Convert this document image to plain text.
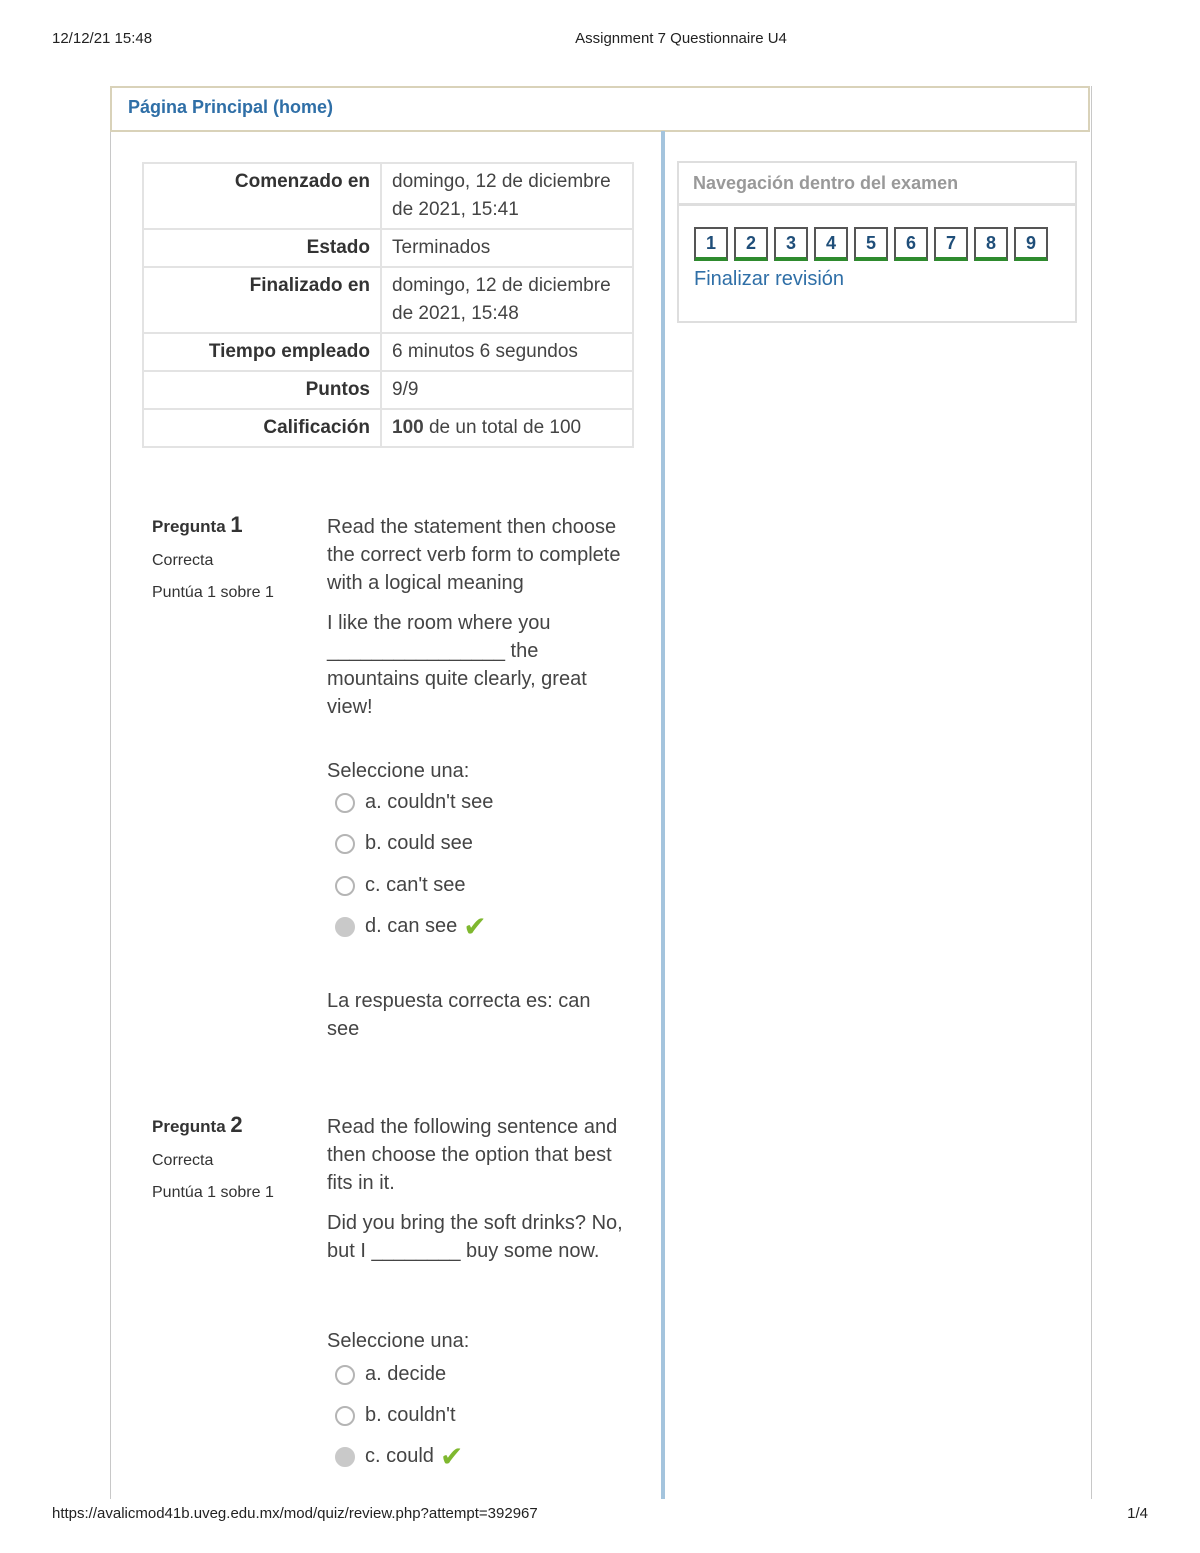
12/12/21 15:48	Assignment 7 Questionnaire U4
Página Principal (home)
Comenzado en	domingo, 12 de diciembre de 2021, 15:41
Estado	Terminados
Finalizado en	domingo, 12 de diciembre de 2021, 15:48
Tiempo empleado	6 minutos 6 segundos
Puntos	9/9
Calificación	100 de un total de 100
Navegación dentro del examen
1	2	3	4	5	6	7	8	9
Finalizar revisión
Pregunta 1
Correcta
Puntúa 1 sobre 1

Read the statement then choose the correct verb form to complete with a logical meaning

I like the room where you ________________ the mountains quite clearly, great view!

Seleccione una:
a. couldn't see
b. could see
c. can't see
d. can see ✔
La respuesta correcta es: can see
Pregunta 2
Correcta
Puntúa 1 sobre 1

Read the following sentence and then choose the option that best fits in it.

Did you bring the soft drinks? No, but I ________ buy some now.

Seleccione una:
a. decide
b. couldn't
c. could ✔
https://avalicmod41b.uveg.edu.mx/mod/quiz/review.php?attempt=392967	1/4
